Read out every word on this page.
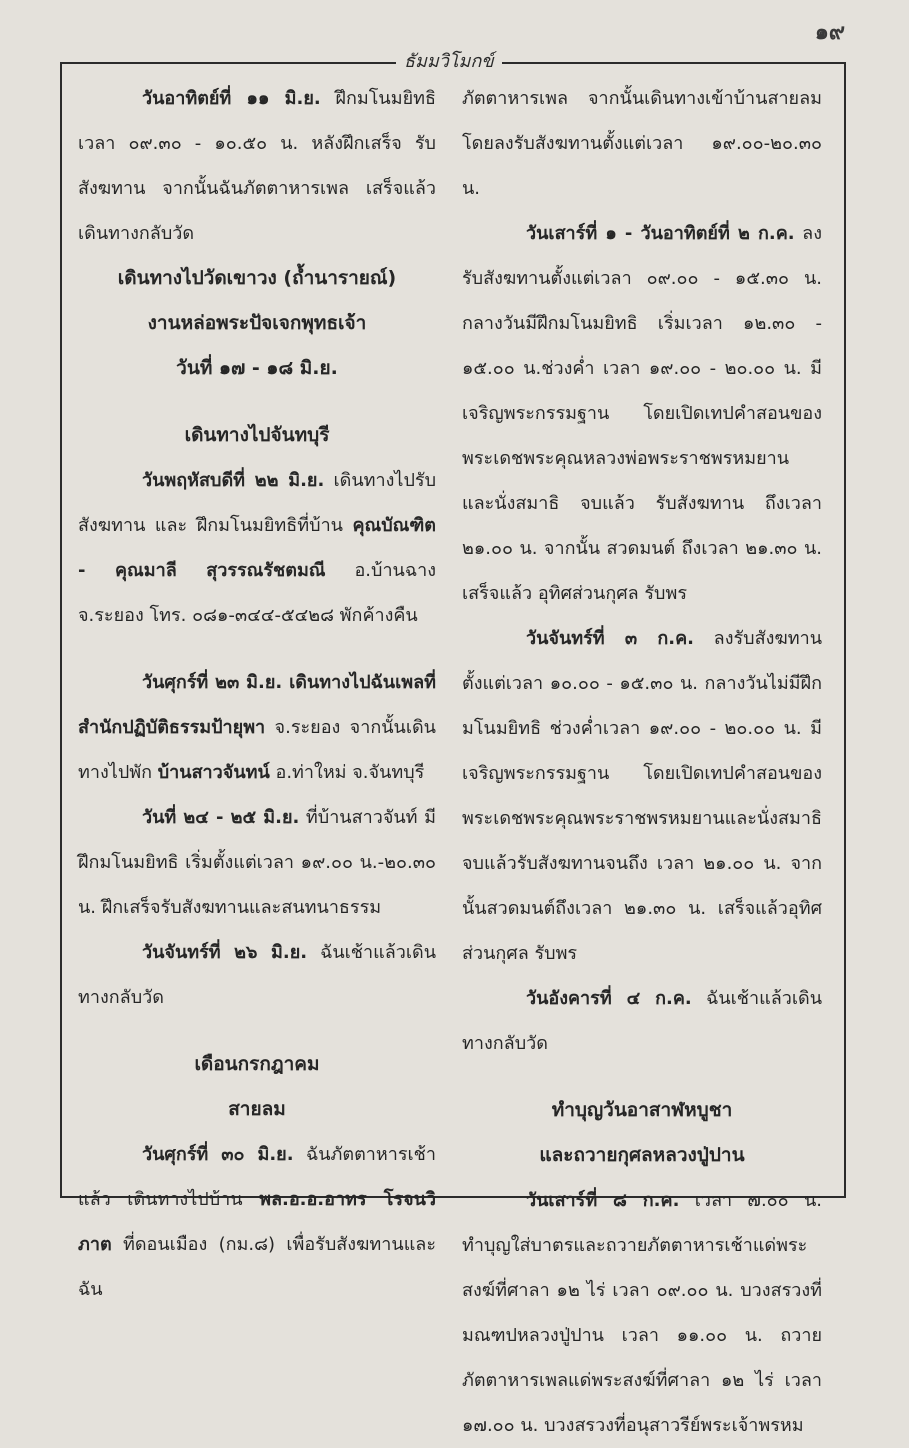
๑๙
ธัมมวิโมกข์

วันอาทิตย์ที่ ๑๑ มิ.ย. ฝึกมโนมยิทธิ เวลา ๐๙.๓๐ - ๑๐.๕๐ น. หลังฝึกเสร็จ รับสังฆทาน จากนั้นฉันภัตตาหารเพล เสร็จแล้วเดินทางกลับวัด

เดินทางไปวัดเขาวง (ถ้ำนารายณ์)

งานหล่อพระปัจเจกพุทธเจ้า

วันที่ ๑๗ - ๑๘ มิ.ย.

เดินทางไปจันทบุรี

วันพฤหัสบดีที่ ๒๒ มิ.ย. เดินทางไปรับสังฆทาน และ ฝึกมโนมยิทธิที่บ้าน คุณบัณฑิต - คุณมาลี สุวรรณรัชตมณี อ.บ้านฉาง จ.ระยอง โทร. ๐๘๑-๓๔๔-๕๔๒๘ พักค้างคืน

วันศุกร์ที่ ๒๓ มิ.ย. เดินทางไปฉันเพลที่สำนักปฏิบัติธรรมป้ายุพา จ.ระยอง จากนั้นเดินทางไปพัก บ้านสาวจันทน์ อ.ท่าใหม่ จ.จันทบุรี

วันที่ ๒๔ - ๒๕ มิ.ย. ที่บ้านสาวจันท์ มีฝึกมโนมยิทธิ เริ่มตั้งแต่เวลา ๑๙.๐๐ น.-๒๐.๓๐ น. ฝึกเสร็จรับสังฆทานและสนทนาธรรม

วันจันทร์ที่ ๒๖ มิ.ย. ฉันเช้าแล้วเดินทางกลับวัด

เดือนกรกฎาคม

สายลม

วันศุกร์ที่ ๓๐ มิ.ย. ฉันภัตตาหารเช้าแล้ว เดินทางไปบ้าน พล.อ.อ.อาทร โรจนวิภาต ที่ดอนเมือง (กม.๘) เพื่อรับสังฆทานและฉัน

ภัตตาหารเพล จากนั้นเดินทางเข้าบ้านสายลม โดยลงรับสังฆทานตั้งแต่เวลา ๑๙.๐๐-๒๐.๓๐ น.

วันเสาร์ที่ ๑ - วันอาทิตย์ที่ ๒ ก.ค. ลงรับสังฆทานตั้งแต่เวลา ๐๙.๐๐ - ๑๕.๓๐ น. กลางวันมีฝึกมโนมยิทธิ เริ่มเวลา ๑๒.๓๐ - ๑๕.๐๐ น.ช่วงค่ำ เวลา ๑๙.๐๐ - ๒๐.๐๐ น. มีเจริญพระกรรมฐาน โดยเปิดเทปคำสอนของพระเดชพระคุณหลวงพ่อพระราชพรหมยาน และนั่งสมาธิ จบแล้ว รับสังฆทาน ถึงเวลา ๒๑.๐๐ น. จากนั้น สวดมนต์ ถึงเวลา ๒๑.๓๐ น. เสร็จแล้ว อุทิศส่วนกุศล รับพร

วันจันทร์ที่ ๓ ก.ค. ลงรับสังฆทาน ตั้งแต่เวลา ๑๐.๐๐ - ๑๕.๓๐ น. กลางวันไม่มีฝึกมโนมยิทธิ ช่วงค่ำเวลา ๑๙.๐๐ - ๒๐.๐๐ น. มีเจริญพระกรรมฐาน โดยเปิดเทปคำสอนของพระเดชพระคุณพระราชพรหมยานและนั่งสมาธิ จบแล้วรับสังฆทานจนถึง เวลา ๒๑.๐๐ น. จากนั้นสวดมนต์ถึงเวลา ๒๑.๓๐ น. เสร็จแล้วอุทิศส่วนกุศล รับพร

วันอังคารที่ ๔ ก.ค. ฉันเช้าแล้วเดินทางกลับวัด

ทำบุญวันอาสาฬหบูชา

และถวายกุศลหลวงปู่ปาน

วันเสาร์ที่ ๘ ก.ค. เวลา ๗.๐๐ น. ทำบุญใส่บาตรและถวายภัตตาหารเช้าแด่พระสงฆ์ที่ศาลา ๑๒ ไร่ เวลา ๐๙.๐๐ น. บวงสรวงที่มณฑปหลวงปู่ปาน เวลา ๑๑.๐๐ น. ถวายภัตตาหารเพลแด่พระสงฆ์ที่ศาลา ๑๒ ไร่ เวลา ๑๗.๐๐ น. บวงสรวงที่อนุสาวรีย์พระเจ้าพรหม
